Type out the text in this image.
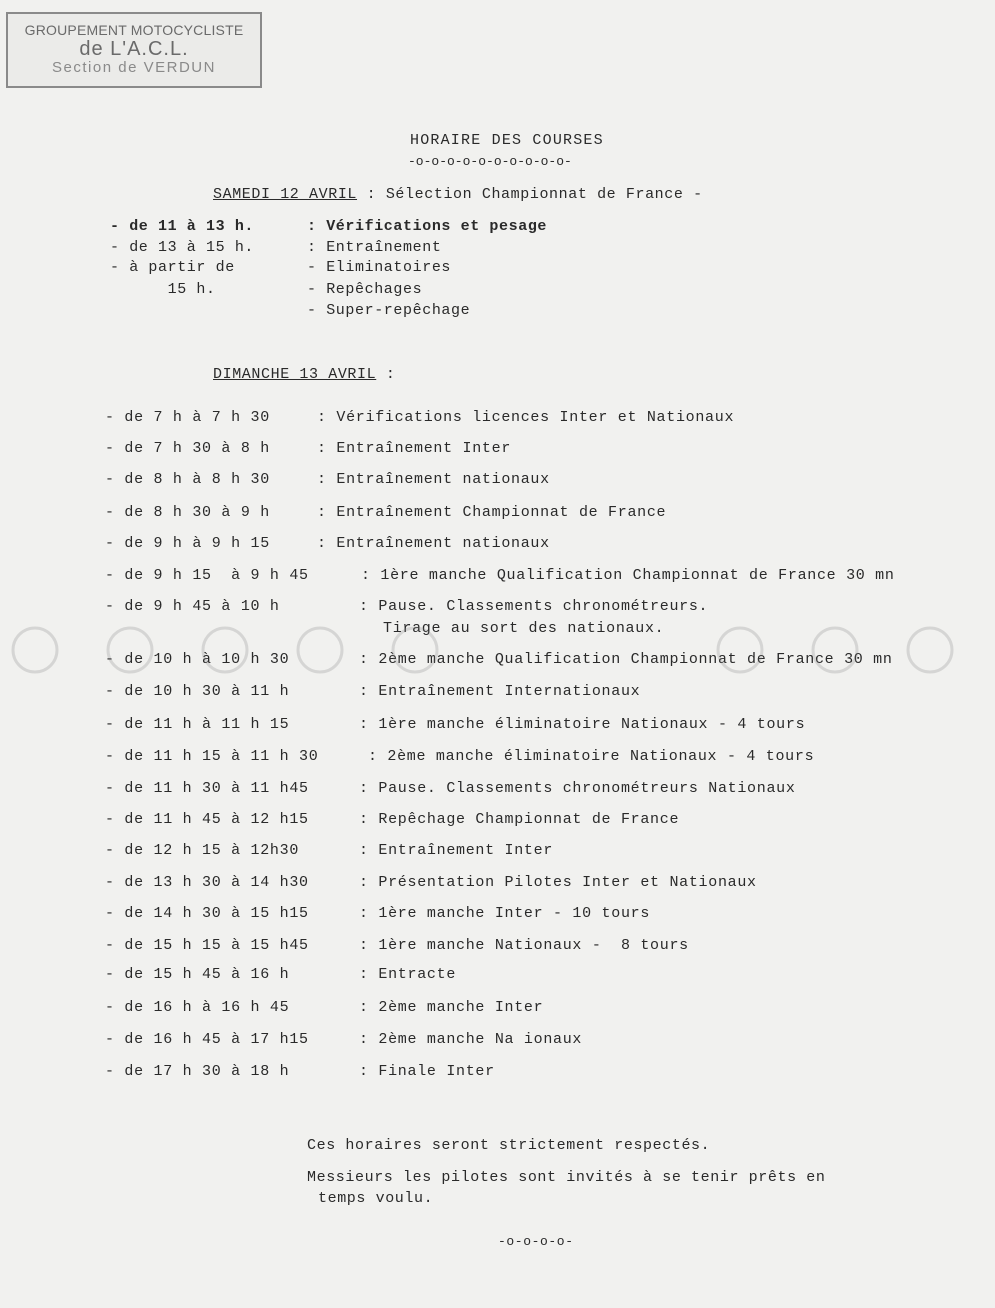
GROUPEMENT MOTOCYCLISTE
de L'A.C.L.
Section de VERDUN
HORAIRE DES COURSES
-o-o-o-o-o-o-o-o-o-o-
SAMEDI 12 AVRIL : Sélection Championnat de France -
- de 11 à 13 h.	: Vérifications et pesage
- de 13 à 15 h.	: Entraînement
- à partir de	- Eliminatoires
15 h.	- Repêchages
- Super-repêchage
DIMANCHE 13 AVRIL :
- de 7 h à 7 h 30	: Vérifications licences Inter et Nationaux
- de 7 h 30 à 8 h	: Entraînement Inter
- de 8 h à 8 h 30	: Entraînement nationaux
- de 8 h 30 à 9 h	: Entraînement Championnat de France
- de 9 h à 9 h 15	: Entraînement nationaux
- de 9 h 15  à 9 h 45	: 1ère manche Qualification Championnat de France 30 mn
- de 9 h 45 à 10 h	: Pause. Classements chronométreurs.
Tirage au sort des nationaux.
- de 10 h à 10 h 30	: 2ème manche Qualification Championnat de France 30 mn
- de 10 h 30 à 11 h	: Entraînement Internationaux
- de 11 h à 11 h 15	: 1ère manche éliminatoire Nationaux - 4 tours
- de 11 h 15 à 11 h 30	: 2ème manche éliminatoire Nationaux - 4 tours
- de 11 h 30 à 11 h45	: Pause. Classements chronométreurs Nationaux
- de 11 h 45 à 12 h15	: Repêchage Championnat de France
- de 12 h 15 à 12h30	: Entraînement Inter
- de 13 h 30 à 14 h30	: Présentation Pilotes Inter et Nationaux
- de 14 h 30 à 15 h15	: 1ère manche Inter - 10 tours
- de 15 h 15 à 15 h45	: 1ère manche Nationaux -  8 tours
- de 15 h 45 à 16 h	: Entracte
- de 16 h à 16 h 45	: 2ème manche Inter
- de 16 h 45 à 17 h15	: 2ème manche Na ionaux
- de 17 h 30 à 18 h	: Finale Inter
Ces horaires seront strictement respectés.
Messieurs les pilotes sont invités à se tenir prêts en
temps voulu.
-o-o-o-o-
